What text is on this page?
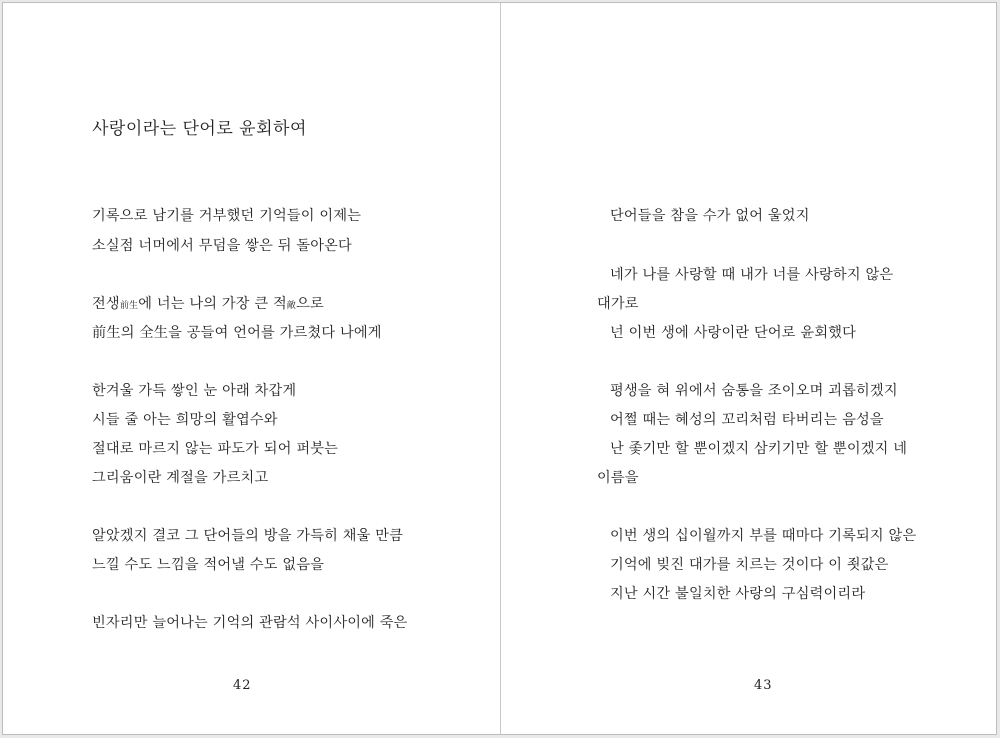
사랑이라는 단어로 윤회하여
기록으로 남기를 거부했던 기억들이 이제는
소실점 너머에서 무덤을 쌓은 뒤 돌아온다
전생前生에 너는 나의 가장 큰 적敵으로
前生의 全生을 공들여 언어를 가르쳤다 나에게
한겨울 가득 쌓인 눈 아래 차갑게
시들 줄 아는 희망의 활엽수와
절대로 마르지 않는 파도가 되어 퍼붓는
그리움이란 계절을 가르치고
알았겠지 결코 그 단어들의 방을 가득히 채울 만큼
느낄 수도 느낌을 적어낼 수도 없음을
빈자리만 늘어나는 기억의 관람석 사이사이에 죽은
42
단어들을 참을 수가 없어 울었지
네가 나를 사랑할 때 내가 너를 사랑하지 않은
대가로
넌 이번 생에 사랑이란 단어로 윤회했다
평생을 혀 위에서 숨통을 조이오며 괴롭히겠지
어쩔 때는 혜성의 꼬리처럼 타버리는 음성을
난 좇기만 할 뿐이겠지 삼키기만 할 뿐이겠지 네
이름을
이번 생의 십이월까지 부를 때마다 기록되지 않은
기억에 빚진 대가를 치르는 것이다 이 죗값은
지난 시간 불일치한 사랑의 구심력이리라
43
